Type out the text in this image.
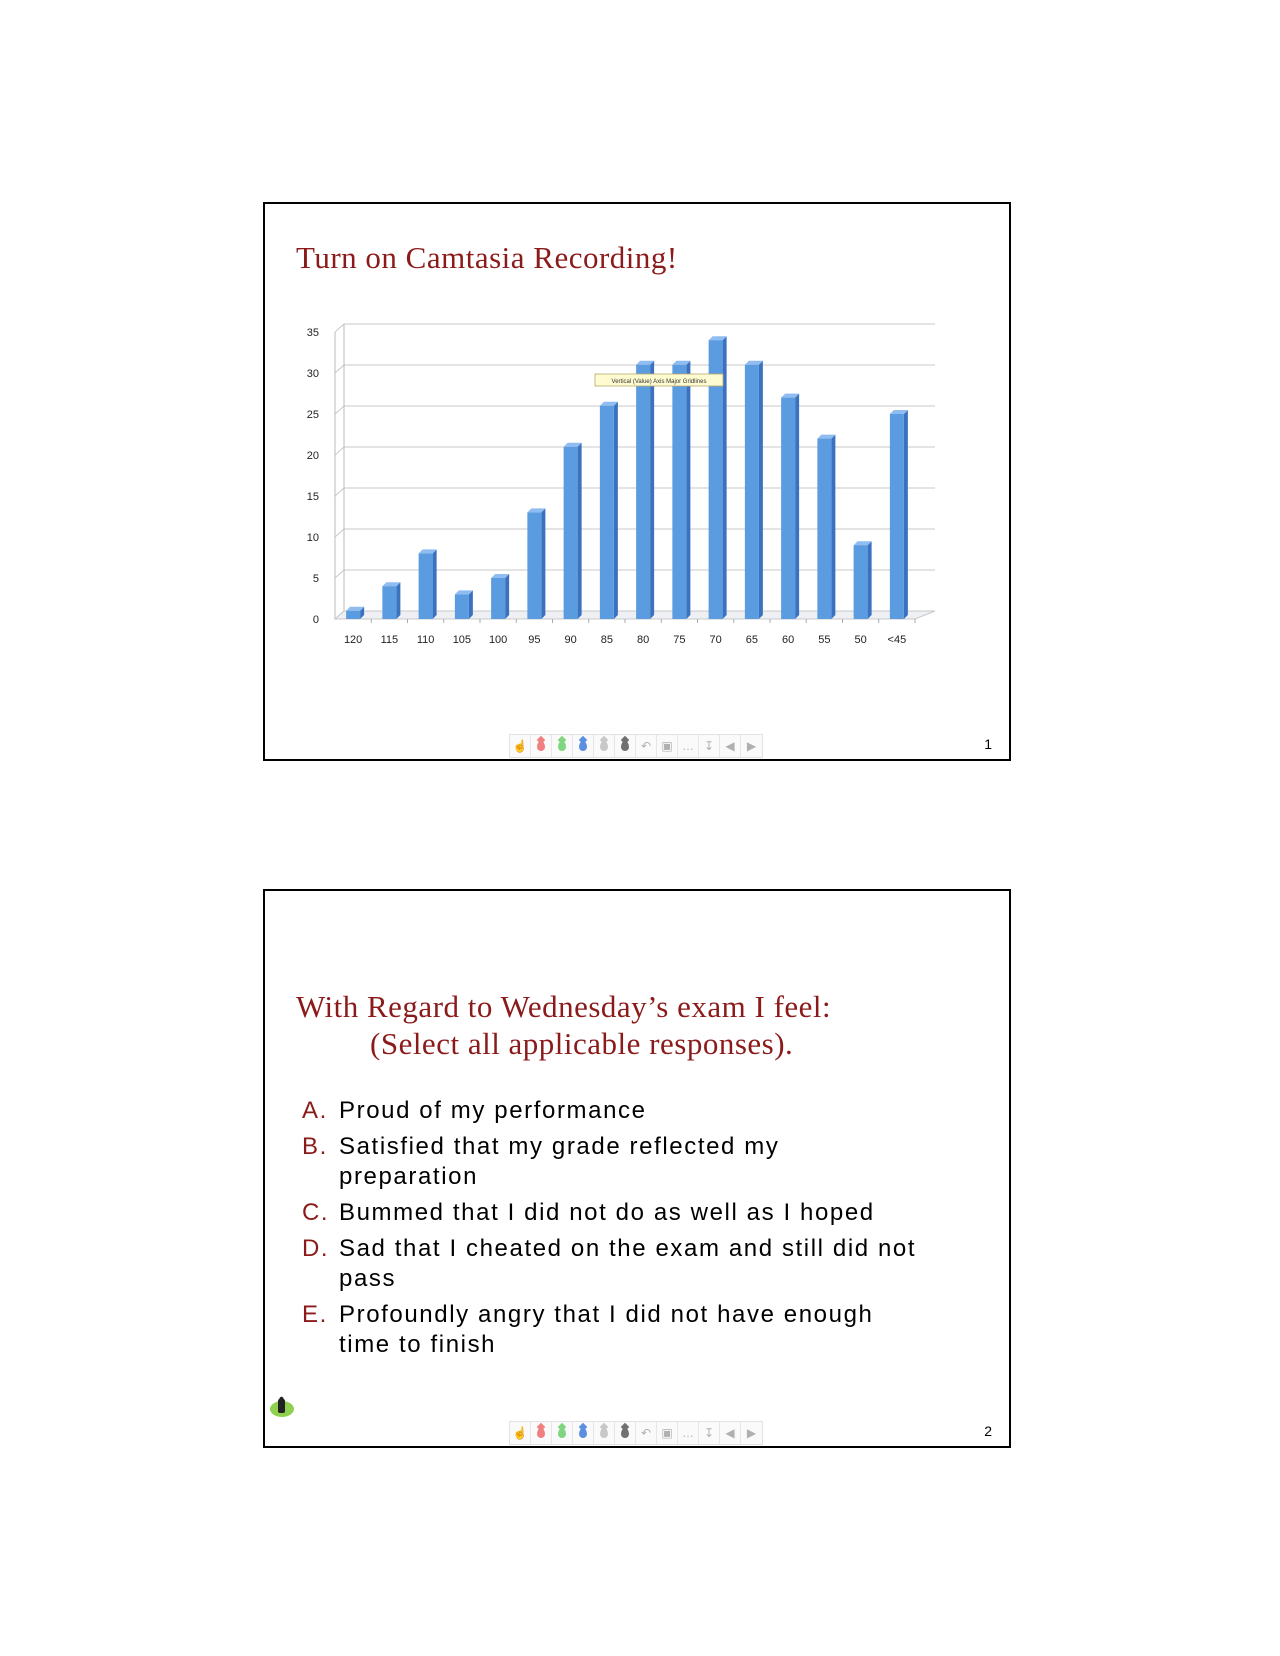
Turn on Camtasia Recording!
0
5
10
15
20
25
30
35
120 115 110 105 100 95 90 85 80 75 70 65 60 55 50 <45
Vertical (Value) Axis Major Gridlines
☝	↶ ▣ … ↧ ◀	▶	1
With Regard to Wednesday’s exam I feel:
(Select all applicable responses).
A. Proud of my performance
B. Satisfied that my grade reflected my preparation
C. Bummed that I did not do as well as I hoped
D. Sad that I cheated on the exam and still did not pass
E. Profoundly angry that I did not have enough time to finish
☝	↶ ▣ … ↧ ◀	▶	2
